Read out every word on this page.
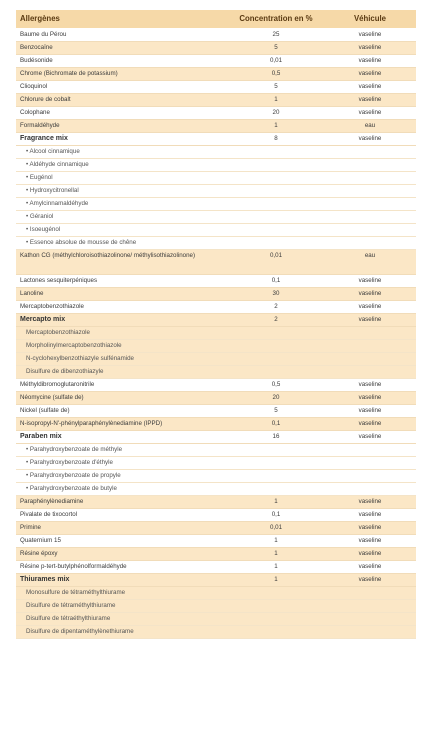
Allergènes	Concentration en %	Véhicule
Baume du Pérou	25	vaseline
Benzocaïne	5	vaseline
Budésonide	0,01	vaseline
Chrome (Bichromate de potassium)	0,5	vaseline
Clioquinol	5	vaseline
Chlorure de cobalt	1	vaseline
Colophane	20	vaseline
Formaldéhyde	1	eau
Fragrance mix	8	vaseline
• Alcool cinnamique		
• Aldéhyde cinnamique		
• Eugénol		
• Hydroxycitronellal		
• Amylcinnamaldéhyde		
• Géraniol		
• Isoeugénol		
• Essence absolue de mousse de chêne		
Kathon CG (méthylchloroisothiazolinone/ méthylisothiazolinone)	0,01	eau
Lactones sesquiterpéniques	0,1	vaseline
Lanoline	30	vaseline
Mercaptobenzothiazole	2	vaseline
Mercapto mix	2	vaseline
Mercaptobenzothiazole		
Morpholinylmercaptobenzothiazole		
N-cyclohexylbenzothiazyle sulfénamide		
Disulfure de dibenzothiazyle		
Méthyldibromoglutaronitrile	0,5	vaseline
Néomycine (sulfate de)	20	vaseline
Nickel (sulfate de)	5	vaseline
N-isopropyl-N'-phénylparaphénylènediamine (IPPD)	0,1	vaseline
Paraben mix	16	vaseline
• Parahydroxybenzoate de méthyle		
• Parahydroxybenzoate d'éthyle		
• Parahydroxybenzoate de propyle		
• Parahydroxybenzoate de butyle		
Paraphénylènediamine	1	vaseline
Pivalate de tixocortol	0,1	vaseline
Primine	0,01	vaseline
Quaternium 15	1	vaseline
Résine époxy	1	vaseline
Résine p-tert-butylphénolformaldéhyde	1	vaseline
Thiurames mix	1	vaseline
Monosulfure de tétraméthylthiurame		
Disulfure de tétraméthylthiurame		
Disulfure de tétraéthylthiurame		
Disulfure de dipentaméthylènethiurame		
